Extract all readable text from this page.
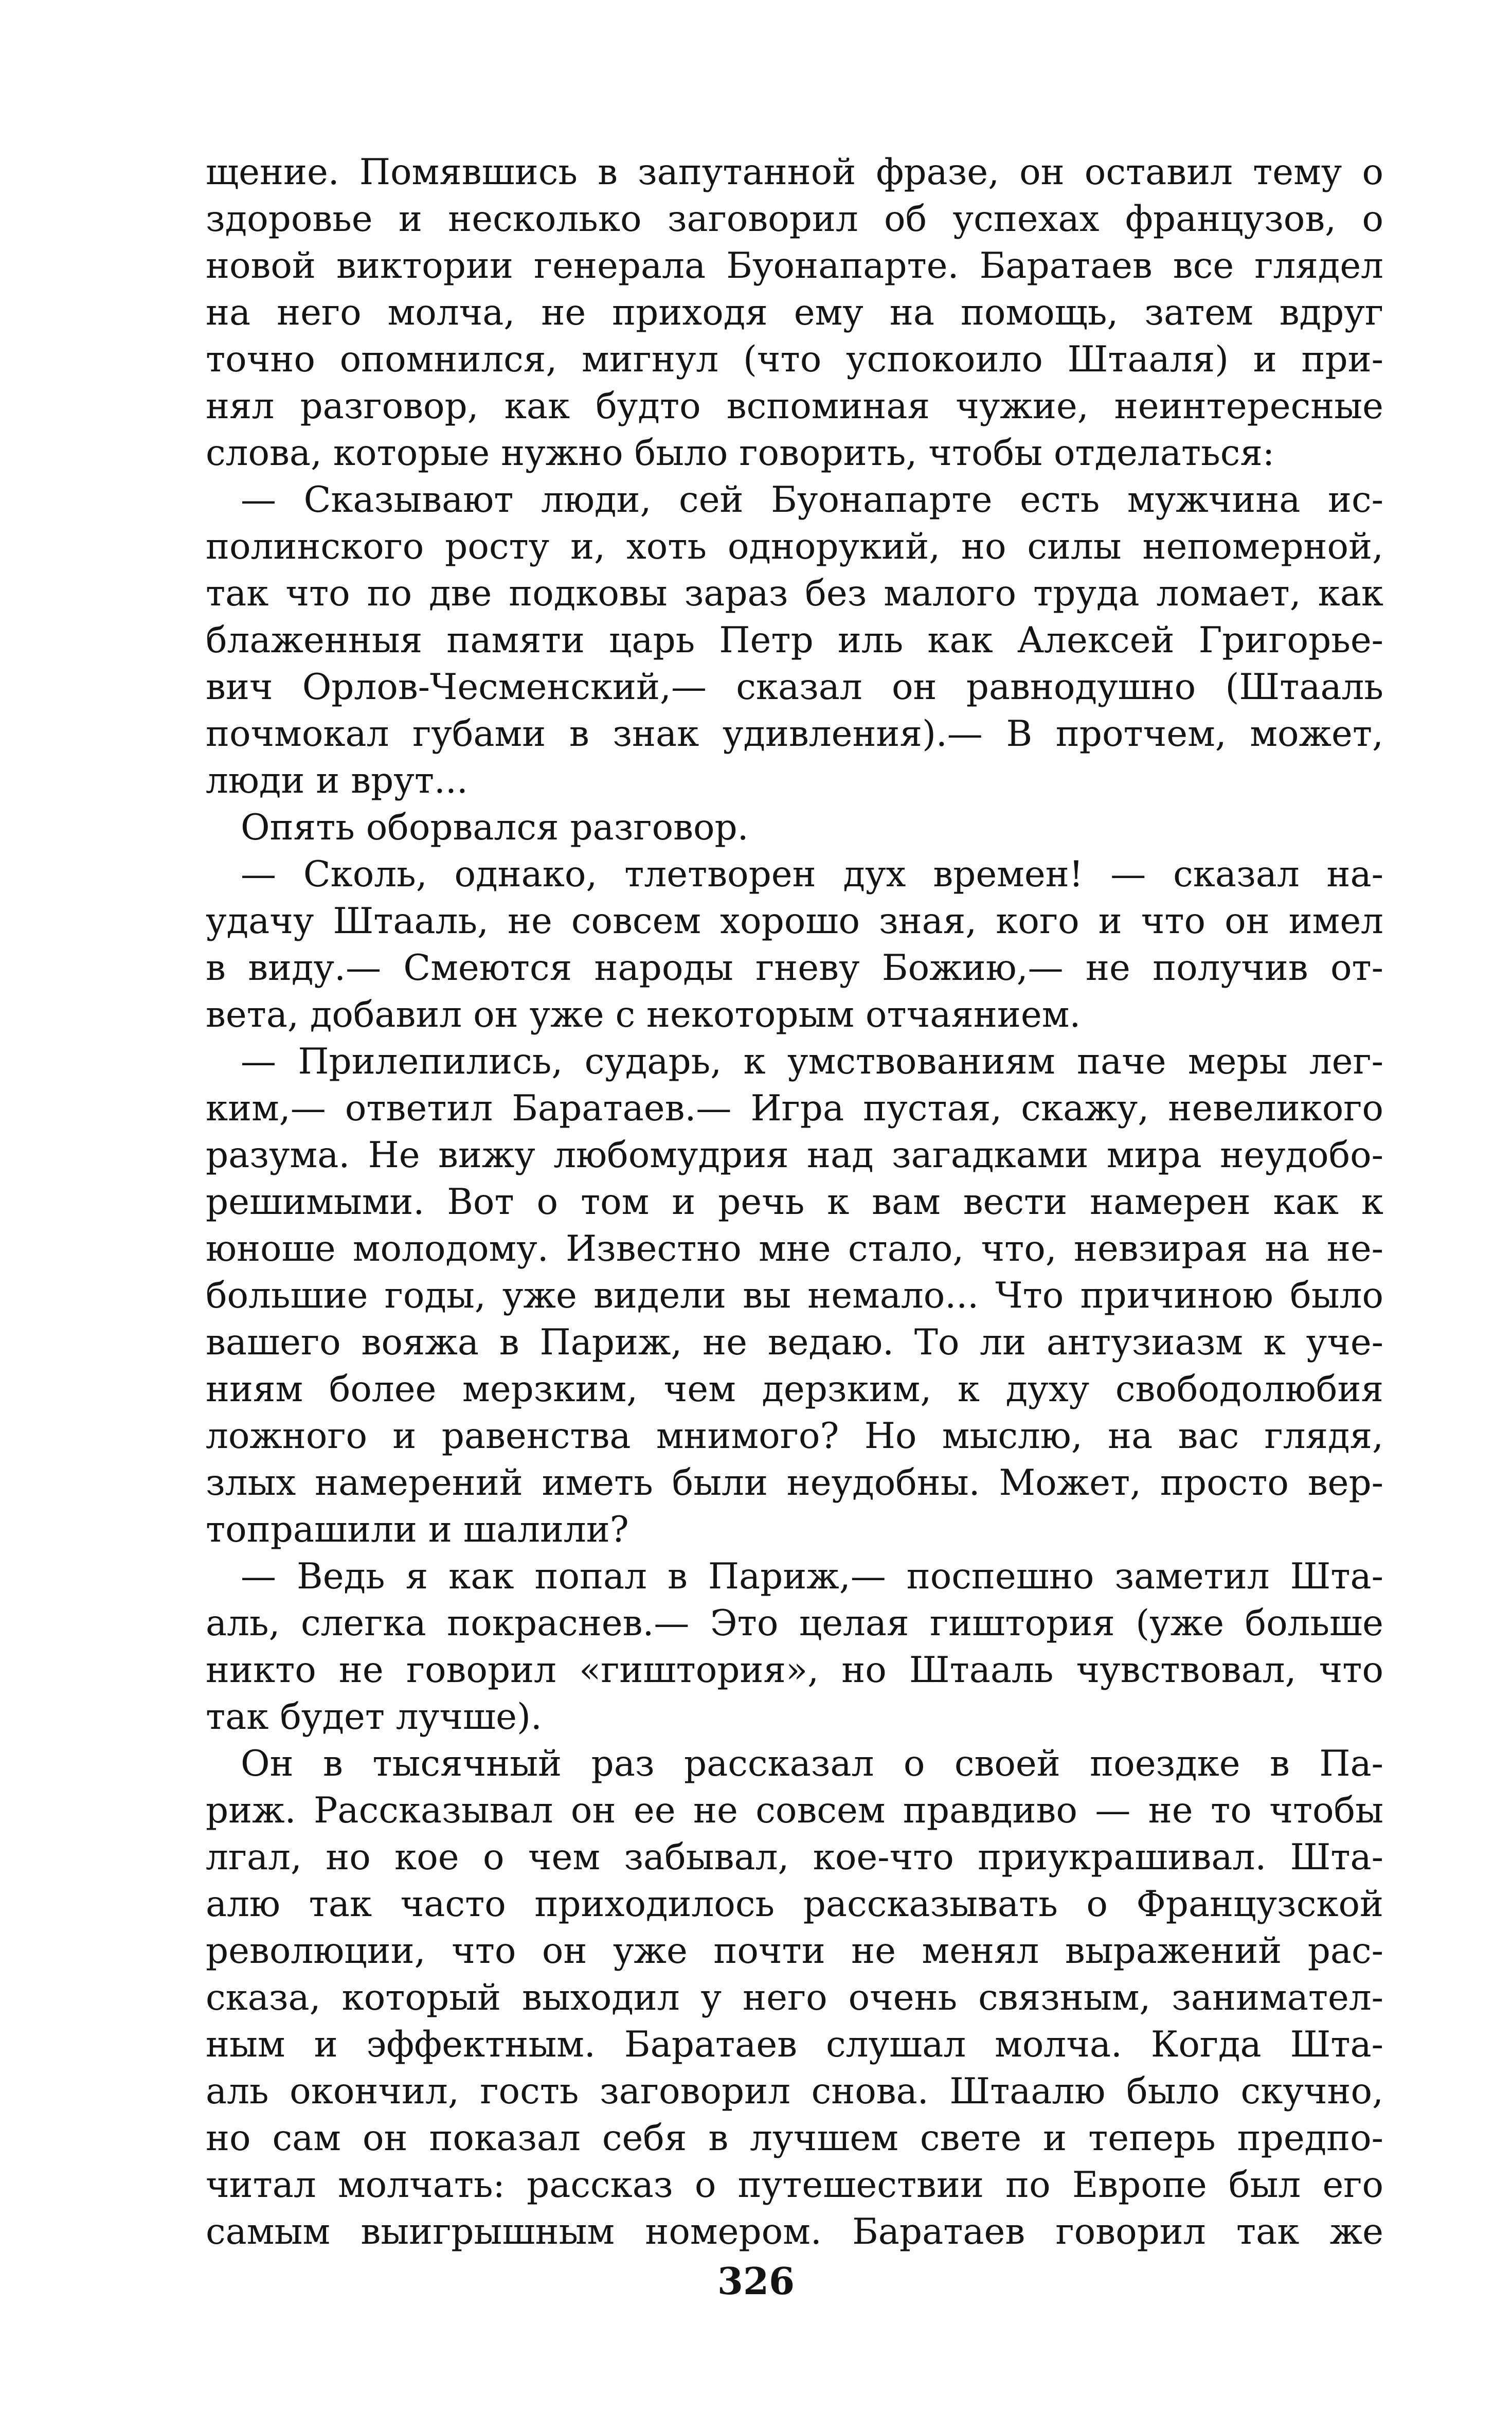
щение. Помявшись в запутанной фразе, он оставил тему о
здоровье и несколько заговорил об успехах французов, о
новой виктории генерала Буонапарте. Баратаев все глядел
на него молча, не приходя ему на помощь, затем вдруг
точно опомнился, мигнул (что успокоило Штааля) и при-
нял разговор, как будто вспоминая чужие, неинтересные
слова, которые нужно было говорить, чтобы отделаться:
— Сказывают люди, сей Буонапарте есть мужчина ис-
полинского росту и, хоть однорукий, но силы непомерной,
так что по две подковы зараз без малого труда ломает, как
блаженныя памяти царь Петр иль как Алексей Григорье-
вич Орлов-Чесменский,— сказал он равнодушно (Штааль
почмокал губами в знак удивления).— В протчем, может,
люди и врут...
Опять оборвался разговор.
— Сколь, однако, тлетворен дух времен! — сказал на-
удачу Штааль, не совсем хорошо зная, кого и что он имел
в виду.— Смеются народы гневу Божию,— не получив от-
вета, добавил он уже с некоторым отчаянием.
— Прилепились, сударь, к умствованиям паче меры лег-
ким,— ответил Баратаев.— Игра пустая, скажу, невеликого
разума. Не вижу любомудрия над загадками мира неудобо-
решимыми. Вот о том и речь к вам вести намерен как к
юноше молодому. Известно мне стало, что, невзирая на не-
большие годы, уже видели вы немало... Что причиною было
вашего вояжа в Париж, не ведаю. То ли антузиазм к уче-
ниям более мерзким, чем дерзким, к духу свободолюбия
ложного и равенства мнимого? Но мыслю, на вас глядя,
злых намерений иметь были неудобны. Может, просто вер-
топрашили и шалили?
— Ведь я как попал в Париж,— поспешно заметил Шта-
аль, слегка покраснев.— Это целая гиштория (уже больше
никто не говорил «гиштория», но Штааль чувствовал, что
так будет лучше).
Он в тысячный раз рассказал о своей поездке в Па-
риж. Рассказывал он ее не совсем правдиво — не то чтобы
лгал, но кое о чем забывал, кое-что приукрашивал. Шта-
алю так часто приходилось рассказывать о Французской
революции, что он уже почти не менял выражений рас-
сказа, который выходил у него очень связным, занимател-
ным и эффектным. Баратаев слушал молча. Когда Шта-
аль окончил, гость заговорил снова. Штаалю было скучно,
но сам он показал себя в лучшем свете и теперь предпо-
читал молчать: рассказ о путешествии по Европе был его
самым выигрышным номером. Баратаев говорил так же
326
